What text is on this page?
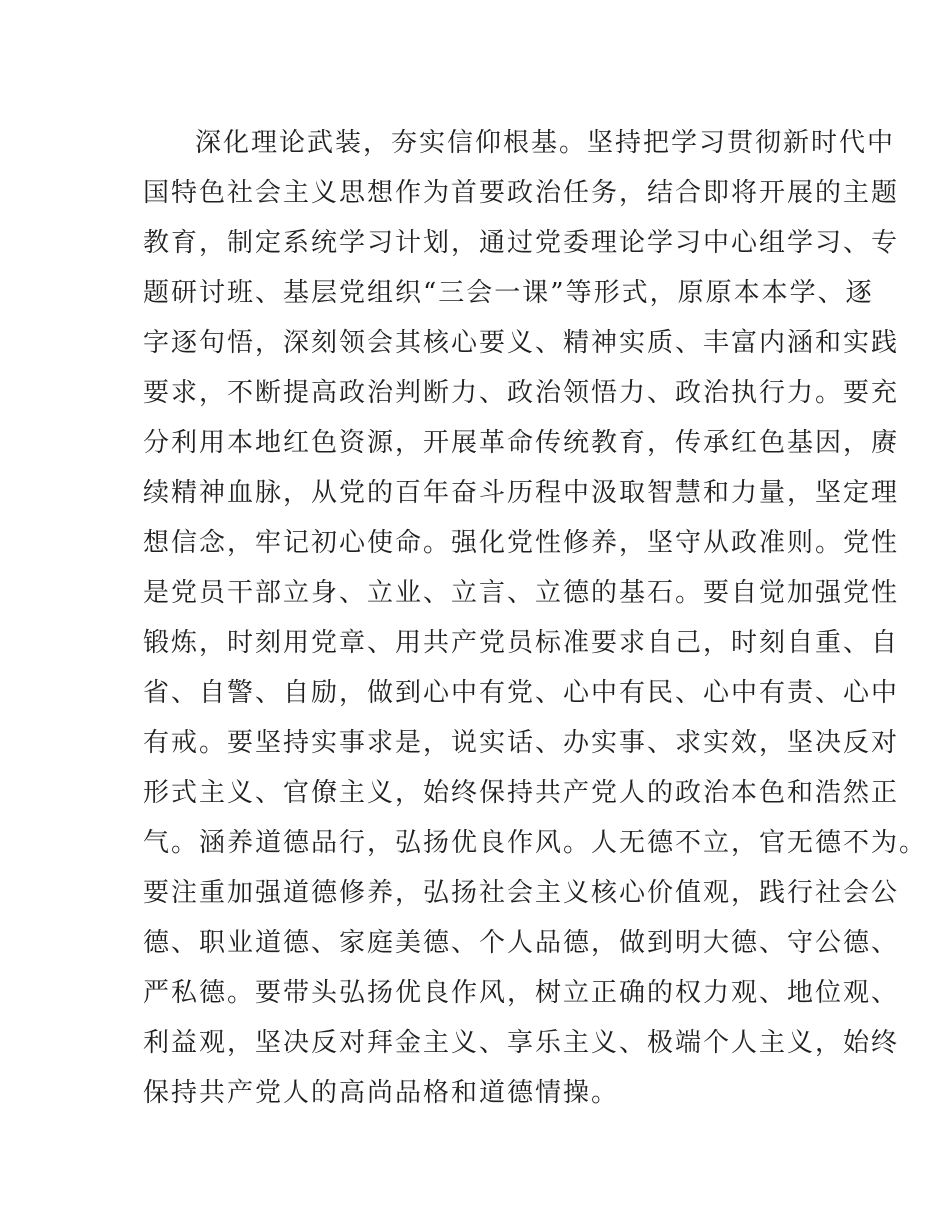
深化理论武装，夯实信仰根基。坚持把学习贯彻新时代中
国特色社会主义思想作为首要政治任务，结合即将开展的主题
教育，制定系统学习计划，通过党委理论学习中心组学习、专
题研讨班、基层党组织“三会一课”等形式，原原本本学、逐
字逐句悟，深刻领会其核心要义、精神实质、丰富内涵和实践
要求，不断提高政治判断力、政治领悟力、政治执行力。要充
分利用本地红色资源，开展革命传统教育，传承红色基因，赓
续精神血脉，从党的百年奋斗历程中汲取智慧和力量，坚定理
想信念，牢记初心使命。强化党性修养，坚守从政准则。党性
是党员干部立身、立业、立言、立德的基石。要自觉加强党性
锻炼，时刻用党章、用共产党员标准要求自己，时刻自重、自
省、自警、自励，做到心中有党、心中有民、心中有责、心中
有戒。要坚持实事求是，说实话、办实事、求实效，坚决反对
形式主义、官僚主义，始终保持共产党人的政治本色和浩然正
气。涵养道德品行，弘扬优良作风。人无德不立，官无德不为。
要注重加强道德修养，弘扬社会主义核心价值观，践行社会公
德、职业道德、家庭美德、个人品德，做到明大德、守公德、
严私德。要带头弘扬优良作风，树立正确的权力观、地位观、
利益观，坚决反对拜金主义、享乐主义、极端个人主义，始终
保持共产党人的高尚品格和道德情操。
